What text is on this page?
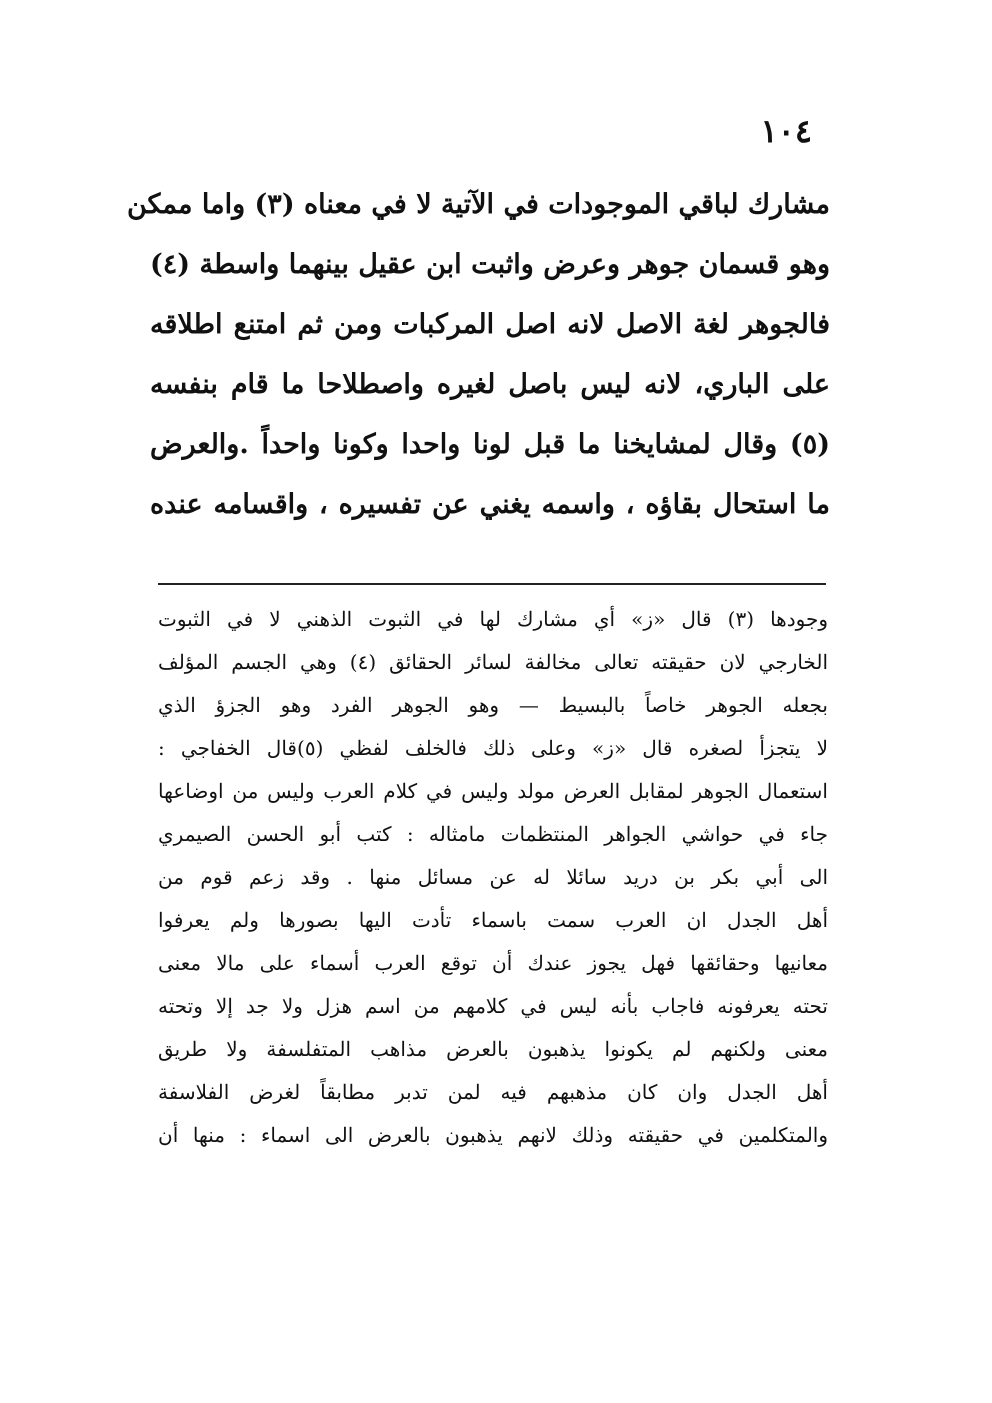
١٠٤
مشارك لباقي الموجودات في الآتية لا في معناه (٣) واما ممكن
وهو قسمان جوهر وعرض واثبت ابن عقيل بينهما واسطة (٤)
فالجوهر لغة الاصل لانه اصل المركبات ومن ثم امتنع اطلاقه
على الباري، لانه ليس باصل لغيره واصطلاحا ما قام بنفسه
(٥) وقال لمشايخنا ما قبل لونا واحدا وكونا واحداً .والعرض
ما استحال بقاؤه ، واسمه يغني عن تفسيره ، واقسامه عنده
وجودها (٣) قال «ز» أي مشارك لها في الثبوت الذهني لا في الثبوت
الخارجي لان حقيقته تعالى مخالفة لسائر الحقائق (٤) وهي الجسم المؤلف
بجعله الجوهر خاصاً بالبسيط — وهو الجوهر الفرد وهو الجزؤ الذي
لا يتجزأ لصغره قال «ز» وعلى ذلك فالخلف لفظي (٥)قال الخفاجي :
استعمال الجوهر لمقابل العرض مولد وليس في كلام العرب وليس من اوضاعها
جاء في حواشي الجواهر المنتظمات مامثاله : كتب أبو الحسن الصيمري
الى أبي بكر بن دريد سائلا له عن مسائل منها . وقد زعم قوم من
أهل الجدل ان العرب سمت باسماء تأدت اليها بصورها ولم يعرفوا
معانيها وحقائقها فهل يجوز عندك أن توقع العرب أسماء على مالا معنى
تحته يعرفونه فاجاب بأنه ليس في كلامهم من اسم هزل ولا جد إلا وتحته
معنى ولكنهم لم يكونوا يذهبون بالعرض مذاهب المتفلسفة ولا طريق
أهل الجدل وان كان مذهبهم فيه لمن تدبر مطابقاً لغرض الفلاسفة
والمتكلمين في حقيقته وذلك لانهم يذهبون بالعرض الى اسماء : منها أن
